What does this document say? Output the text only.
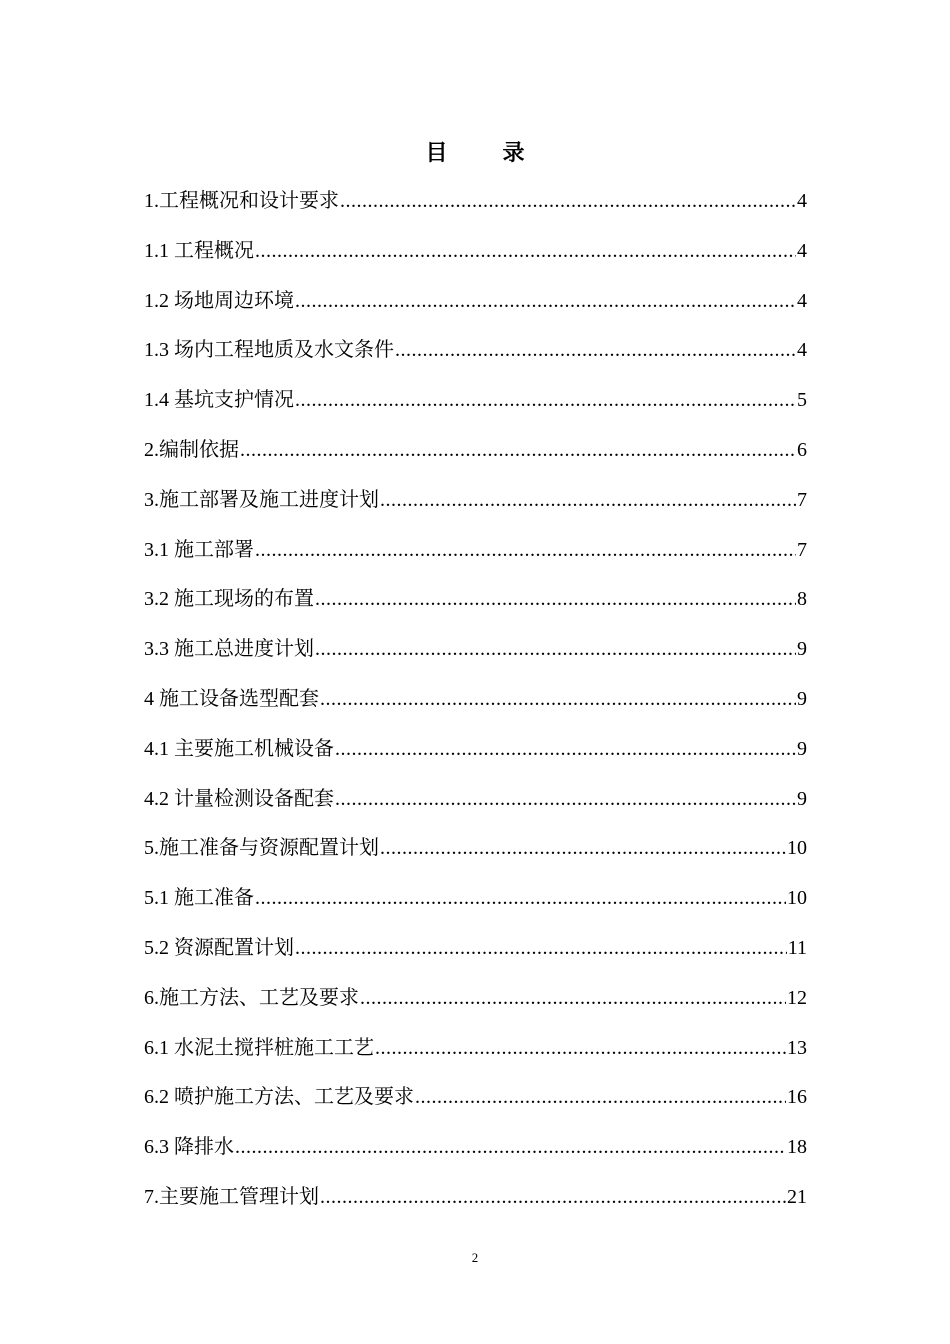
目          录
1.工程概况和设计要求 .....	4
1.1 工程概况 .....	4
1.2 场地周边环境 .....	4
1.3 场内工程地质及水文条件 .....	4
1.4 基坑支护情况 .....	5
2.编制依据 .....	6
3.施工部署及施工进度计划 .....	7
3.1 施工部署 .....	7
3.2 施工现场的布置 .....	8
3.3 施工总进度计划 .....	9
4 施工设备选型配套 .....	9
4.1 主要施工机械设备 .....	9
4.2 计量检测设备配套 .....	9
5.施工准备与资源配置计划 .....	10
5.1 施工准备 .....	10
5.2 资源配置计划 .....	11
6.施工方法、工艺及要求 .....	12
6.1 水泥土搅拌桩施工工艺 .....	13
6.2 喷护施工方法、工艺及要求 .....	16
6.3 降排水 .....	18
7.主要施工管理计划 .....	21
2
